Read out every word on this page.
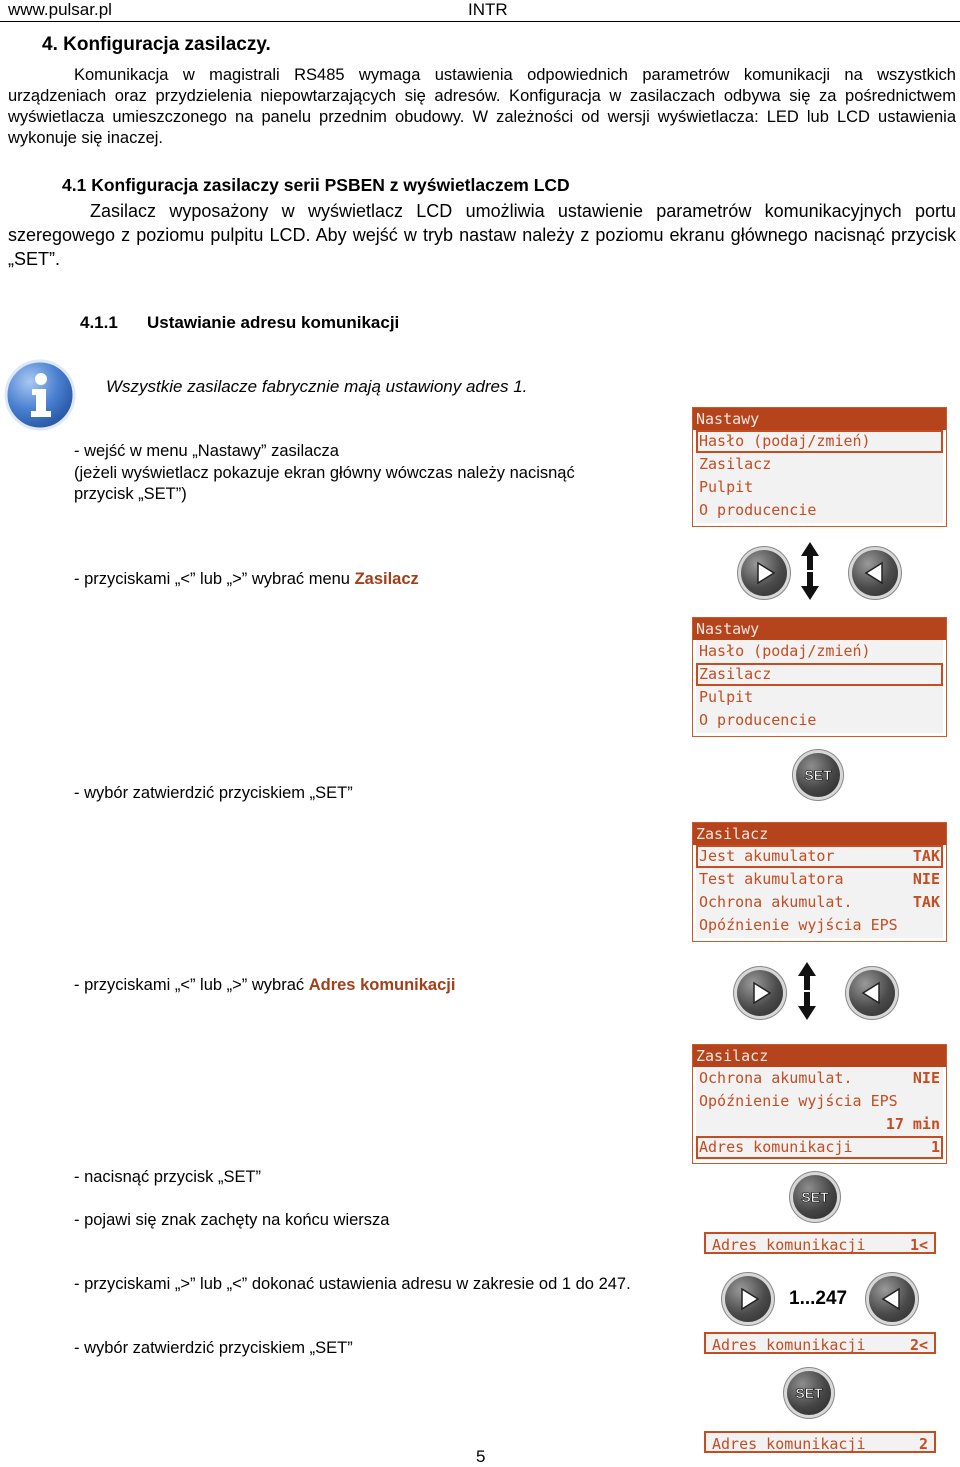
www.pulsar.pl	INTR
4. Konfiguracja zasilaczy.
Komunikacja w magistrali RS485 wymaga ustawienia odpowiednich parametrów komunikacji na wszystkich urządzeniach oraz przydzielenia niepowtarzających się adresów. Konfiguracja w zasilaczach odbywa się za pośrednictwem wyświetlacza umieszczonego na panelu przednim obudowy. W zależności od wersji wyświetlacza: LED lub LCD ustawienia wykonuje się inaczej.
4.1 Konfiguracja zasilaczy serii PSBEN z wyświetlaczem LCD
Zasilacz wyposażony w wyświetlacz LCD umożliwia ustawienie parametrów komunikacyjnych portu szeregowego z poziomu pulpitu LCD. Aby wejść w tryb nastaw należy z poziomu ekranu głównego nacisnąć przycisk „SET”.
4.1.1 Ustawianie adresu komunikacji
Wszystkie zasilacze fabrycznie mają ustawiony adres 1.
- wejść w menu „Nastawy” zasilacza
(jeżeli wyświetlacz pokazuje ekran główny wówczas należy nacisnąć
przycisk „SET”)
- przyciskami „<” lub „>” wybrać menu Zasilacz
- wybór zatwierdzić przyciskiem „SET”
- przyciskami „<” lub „>” wybrać Adres komunikacji
- nacisnąć przycisk „SET”
- pojawi się znak zachęty na końcu wiersza
- przyciskami „>” lub „<” dokonać ustawienia adresu w zakresie od 1 do 247.
- wybór zatwierdzić przyciskiem „SET”
Nastawy
Hasło (podaj/zmień)
Zasilacz
Pulpit
O producencie
Nastawy
Hasło (podaj/zmień)
Zasilacz
Pulpit
O producencie
SET
Zasilacz
Jest akumulator	TAK
Test akumulatora	NIE
Ochrona akumulat.	TAK
Opóźnienie wyjścia EPS
Zasilacz
Ochrona akumulat.	NIE
Opóźnienie wyjścia EPS
17 min
Adres komunikacji	1
SET
Adres komunikacji	1<
1...247
Adres komunikacji	2<
SET
Adres komunikacji	2
5
